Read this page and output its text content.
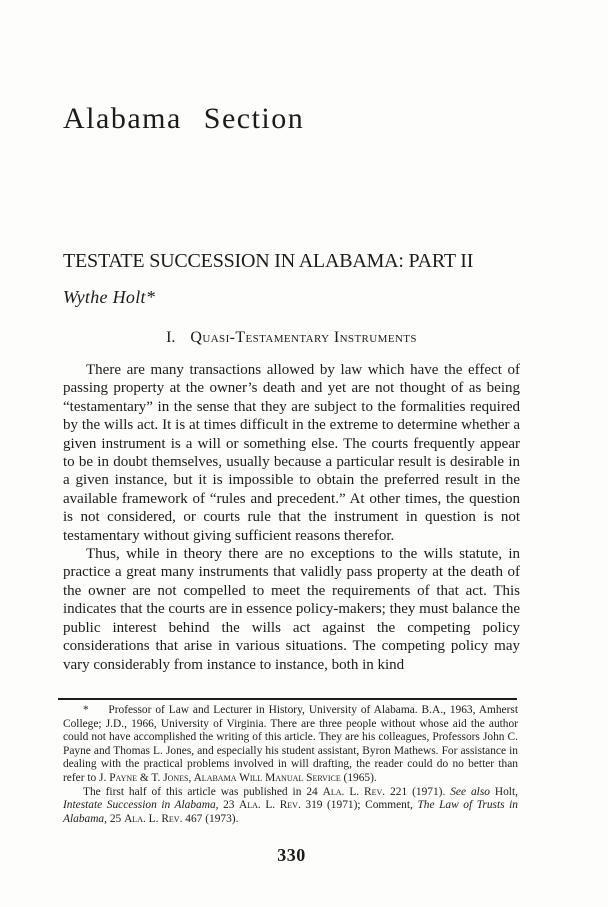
Alabama Section
TESTATE SUCCESSION IN ALABAMA: PART II
Wythe Holt*
I. Quasi-Testamentary Instruments

There are many transactions allowed by law which have the effect of passing property at the owner’s death and yet are not thought of as being “testamentary” in the sense that they are subject to the formalities required by the wills act. It is at times difficult in the extreme to determine whether a given instrument is a will or something else. The courts frequently appear to be in doubt themselves, usually because a particular result is desirable in a given instance, but it is impossible to obtain the preferred result in the available framework of “rules and precedent.” At other times, the question is not considered, or courts rule that the instrument in question is not testamentary without giving sufficient reasons therefor.

Thus, while in theory there are no exceptions to the wills statute, in practice a great many instruments that validly pass property at the death of the owner are not compelled to meet the requirements of that act. This indicates that the courts are in essence policy-makers; they must balance the public interest behind the wills act against the competing policy considerations that arise in various situations. The competing policy may vary considerably from instance to instance, both in kind

*     Professor of Law and Lecturer in History, University of Alabama. B.A., 1963, Amherst College; J.D., 1966, University of Virginia. There are three people without whose aid the author could not have accomplished the writing of this article. They are his colleagues, Professors John C. Payne and Thomas L. Jones, and especially his student assistant, Byron Mathews. For assistance in dealing with the practical problems involved in will drafting, the reader could do no better than refer to J. Payne & T. Jones, Alabama Will Manual Service (1965).

The first half of this article was published in 24 Ala. L. Rev. 221 (1971). See also Holt, Intestate Succession in Alabama, 23 Ala. L. Rev. 319 (1971); Comment, The Law of Trusts in Alabama, 25 Ala. L. Rev. 467 (1973).

330
